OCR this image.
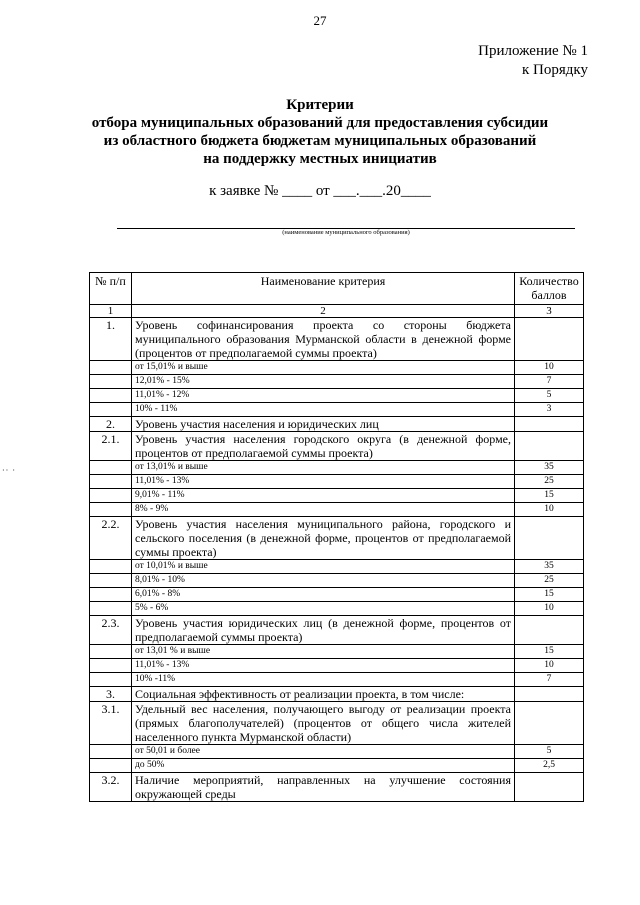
27
Приложение № 1
к Порядку
Критерии
отбора муниципальных образований для предоставления субсидии
из областного бюджета бюджетам муниципальных образований
на поддержку местных инициатив
к заявке № ____ от ___.___.20____
(наименование муниципального образования)
·· ·
№ п/п	Наименование критерия	Количество баллов
1	2	3
1.	Уровень софинансирования проекта со стороны бюджета муниципального образования Мурманской области в денежной форме (процентов от предполагаемой суммы проекта)	
	от 15,01% и выше	10
	12,01% - 15%	7
	11,01% - 12%	5
	10% - 11%	3
2.	Уровень участия населения и юридических лиц	
2.1.	Уровень участия населения городского округа (в денежной форме, процентов от предполагаемой суммы проекта)	
	от 13,01% и выше	35
	11,01% - 13%	25
	9,01% - 11%	15
	8% - 9%	10
2.2.	Уровень участия населения муниципального района, городского и сельского поселения (в денежной форме, процентов от предполагаемой суммы проекта)	
	от 10,01% и выше	35
	8,01% - 10%	25
	6,01% - 8%	15
	5% - 6%	10
2.3.	Уровень участия юридических лиц (в денежной форме, процентов от предполагаемой суммы проекта)	
	от 13,01 % и выше	15
	11,01% - 13%	10
	10% -11%	7
3.	Социальная эффективность от реализации проекта, в том числе:	
3.1.	Удельный вес населения, получающего выгоду от реализации проекта (прямых благополучателей) (процентов от общего числа жителей населенного пункта Мурманской области)	
	от 50,01 и более	5
	до 50%	2,5
3.2.	Наличие мероприятий, направленных на улучшение состояния окружающей среды	
